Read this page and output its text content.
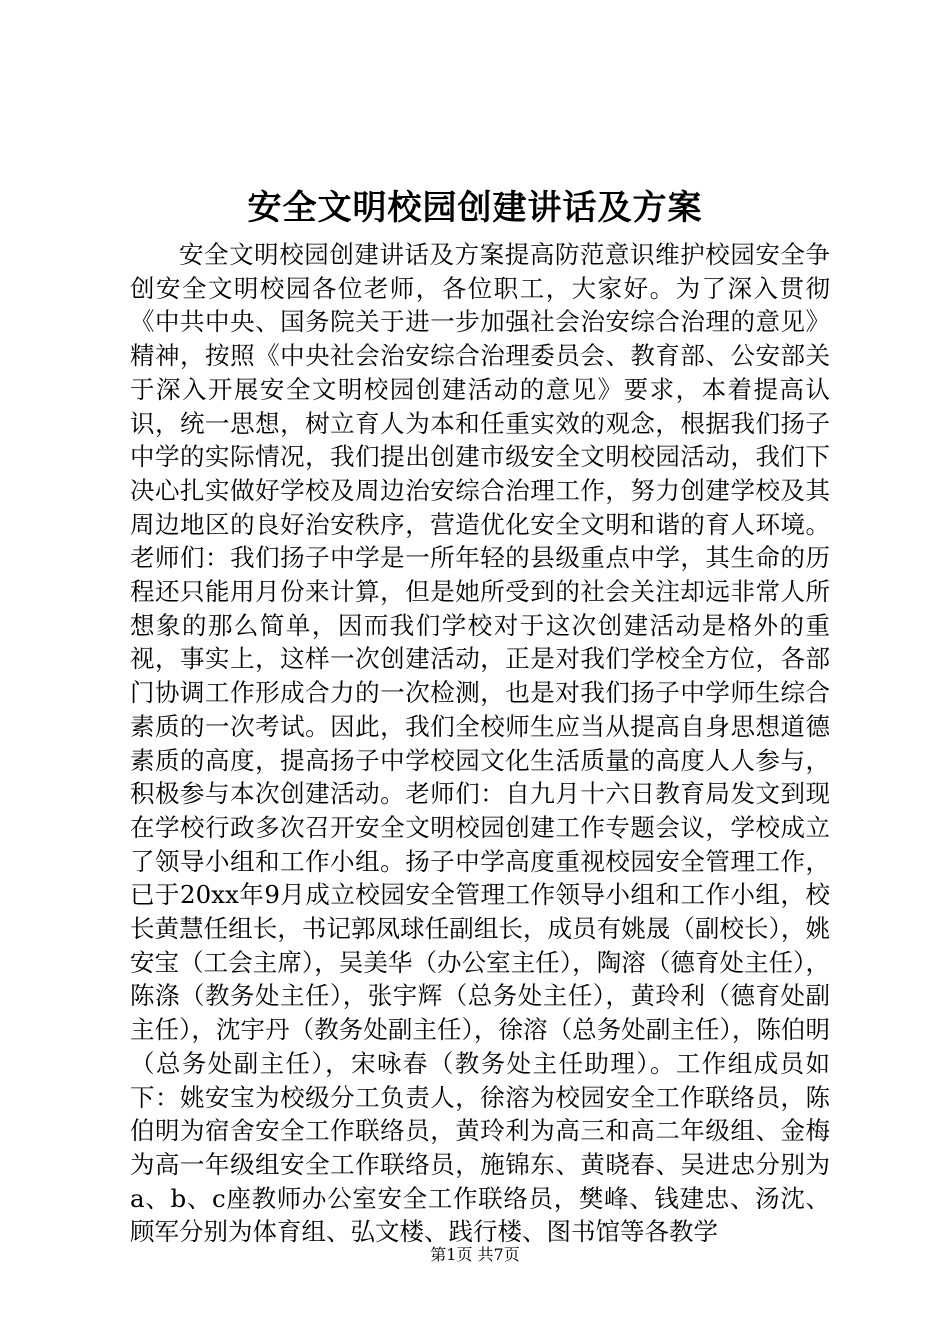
安全文明校园创建讲话及方案

安全文明校园创建讲话及方案提高防范意识维护校园安全争创安全文明校园各位老师，各位职工，大家好。为了深入贯彻《中共中央、国务院关于进一步加强社会治安综合治理的意见》精神，按照《中央社会治安综合治理委员会、教育部、公安部关于深入开展安全文明校园创建活动的意见》要求，本着提高认识，统一思想，树立育人为本和任重实效的观念，根据我们扬子中学的实际情况，我们提出创建市级安全文明校园活动，我们下决心扎实做好学校及周边治安综合治理工作，努力创建学校及其周边地区的良好治安秩序，营造优化安全文明和谐的育人环境。老师们：我们扬子中学是一所年轻的县级重点中学，其生命的历程还只能用月份来计算，但是她所受到的社会关注却远非常人所想象的那么简单，因而我们学校对于这次创建活动是格外的重视，事实上，这样一次创建活动，正是对我们学校全方位，各部门协调工作形成合力的一次检测，也是对我们扬子中学师生综合素质的一次考试。因此，我们全校师生应当从提高自身思想道德素质的高度，提高扬子中学校园文化生活质量的高度人人参与，积极参与本次创建活动。老师们：自九月十六日教育局发文到现在学校行政多次召开安全文明校园创建工作专题会议，学校成立了领导小组和工作小组。扬子中学高度重视校园安全管理工作，已于20xx年9月成立校园安全管理工作领导小组和工作小组，校长黄慧任组长，书记郭凤球任副组长，成员有姚晟（副校长），姚安宝（工会主席），吴美华（办公室主任），陶溶（德育处主任），陈涤（教务处主任），张宇辉（总务处主任），黄玲利（德育处副主任），沈宇丹（教务处副主任），徐溶（总务处副主任），陈伯明（总务处副主任），宋咏春（教务处主任助理）。工作组成员如下：姚安宝为校级分工负责人，徐溶为校园安全工作联络员，陈伯明为宿舍安全工作联络员，黄玲利为高三和高二年级组、金梅为高一年级组安全工作联络员，施锦东、黄晓春、吴进忠分别为a、b、c座教师办公室安全工作联络员，樊峰、钱建忠、汤沈、顾军分别为体育组、弘文楼、践行楼、图书馆等各教学

第1页 共7页
